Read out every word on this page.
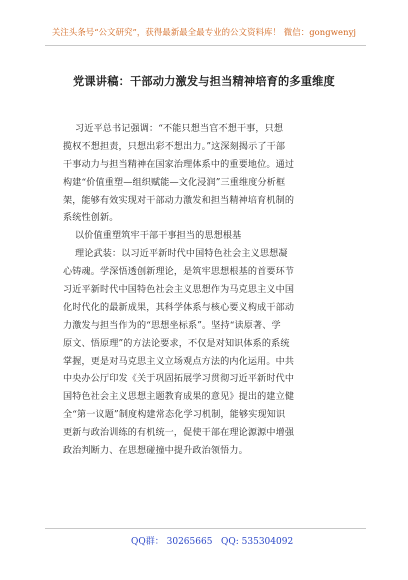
关注头条号“公文研究”，获得最新最全最专业的公文资料库！ 微信：gongwenyj
党课讲稿：干部动力激发与担当精神培育的多重维度
习近平总书记强调：“不能只想当官不想干事，只想
揽权不想担责，只想出彩不想出力。”这深刻揭示了干部
干事动力与担当精神在国家治理体系中的重要地位。通过
构建“价值重塑—组织赋能—文化浸润”三重维度分析框
架，能够有效实现对干部动力激发和担当精神培育机制的
系统性创新。
以价值重塑筑牢干部干事担当的思想根基
理论武装：以习近平新时代中国特色社会主义思想凝
心铸魂。学深悟透创新理论，是筑牢思想根基的首要环节
习近平新时代中国特色社会主义思想作为马克思主义中国
化时代化的最新成果，其科学体系与核心要义构成干部动
力激发与担当作为的“思想坐标系”。坚持“读原著、学
原文、悟原理”的方法论要求，不仅是对知识体系的系统
掌握，更是对马克思主义立场观点方法的内化运用。中共
中央办公厅印发《关于巩固拓展学习贯彻习近平新时代中
国特色社会主义思想主题教育成果的意见》提出的建立健
全“第一议题”制度构建常态化学习机制，能够实现知识
更新与政治训练的有机统一，促使干部在理论源源中增强
政治判断力、在思想碰撞中提升政治领悟力。
QQ群： 30265665 QQ: 535304092
